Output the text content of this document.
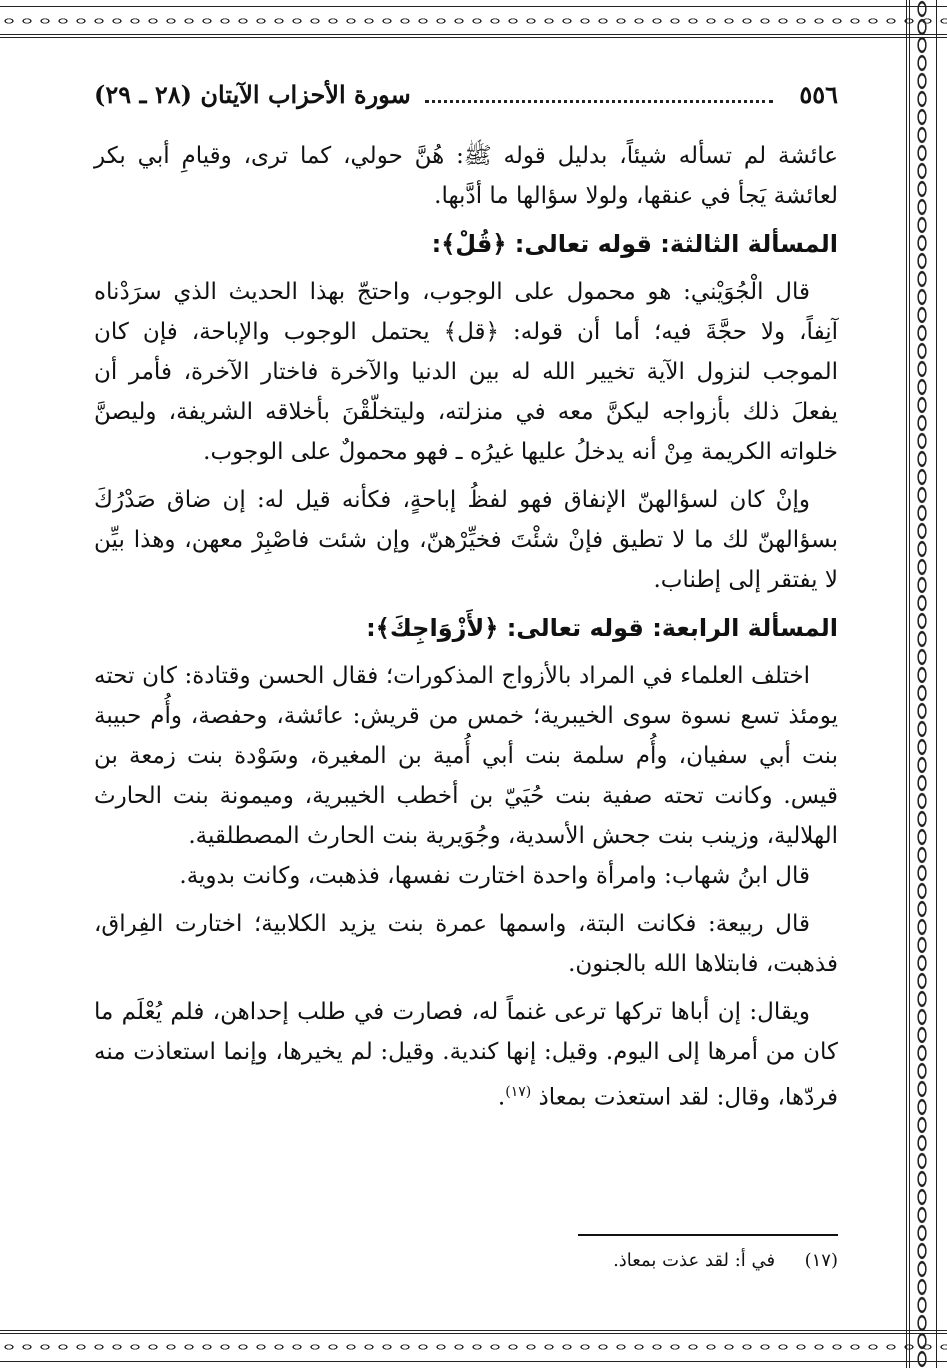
٥٥٦
سورة الأحزاب الآيتان (٢٨ ـ ٢٩)

عائشة لم تسأله شيئاً، بدليل قوله ﷺ: هُنَّ حولي، كما ترى، وقيامِ أبي بكر لعائشة يَجأ في عنقها، ولولا سؤالها ما أدَّبها.

المسألة الثالثة: قوله تعالى: ﴿قُلْ﴾:

قال الْجُوَيْني: هو محمول على الوجوب، واحتجّ بهذا الحديث الذي سرَدْناه آنِفاً، ولا حجَّةَ فيه؛ أما أن قوله: ﴿قل﴾ يحتمل الوجوب والإباحة، فإن كان الموجب لنزول الآية تخيير الله له بين الدنيا والآخرة فاختار الآخرة، فأمر أن يفعلَ ذلك بأزواجه ليكنَّ معه في منزلته، وليتخلّقْنَ بأخلاقه الشريفة، وليصنَّ خلواته الكريمة مِنْ أنه يدخلُ عليها غيرُه ـ فهو محمولٌ على الوجوب.

وإنْ كان لسؤالهنّ الإنفاق فهو لفظُ إباحةٍ، فكأنه قيل له: إن ضاق صَدْرُكَ بسؤالهنّ لك ما لا تطيق فإنْ شئْتَ فخيِّرْهنّ، وإن شئت فاصْبِرْ معهن، وهذا بيِّن لا يفتقر إلى إطناب.

المسألة الرابعة: قوله تعالى: ﴿لأَزْوَاجِكَ﴾:

اختلف العلماء في المراد بالأزواج المذكورات؛ فقال الحسن وقتادة: كان تحته يومئذ تسع نسوة سوى الخيبرية؛ خمس من قريش: عائشة، وحفصة، وأُم حبيبة بنت أبي سفيان، وأُم سلمة بنت أبي أُمية بن المغيرة، وسَوْدة بنت زمعة بن قيس. وكانت تحته صفية بنت حُيَيّ بن أخطب الخيبرية، وميمونة بنت الحارث الهلالية، وزينب بنت جحش الأسدية، وجُوَيرية بنت الحارث المصطلقية.

قال ابنُ شهاب: وامرأة واحدة اختارت نفسها، فذهبت، وكانت بدوية.

قال ربيعة: فكانت البتة، واسمها عمرة بنت يزيد الكلابية؛ اختارت الفِراق، فذهبت، فابتلاها الله بالجنون.

ويقال: إن أباها تركها ترعى غنماً له، فصارت في طلب إحداهن، فلم يُعْلَم ما كان من أمرها إلى اليوم. وقيل: إنها كندية. وقيل: لم يخيرها، وإنما استعاذت منه فردّها، وقال: لقد استعذت بمعاذ $^{(١٧)}$.

(١٧)  في أ: لقد عذت بمعاذ.
